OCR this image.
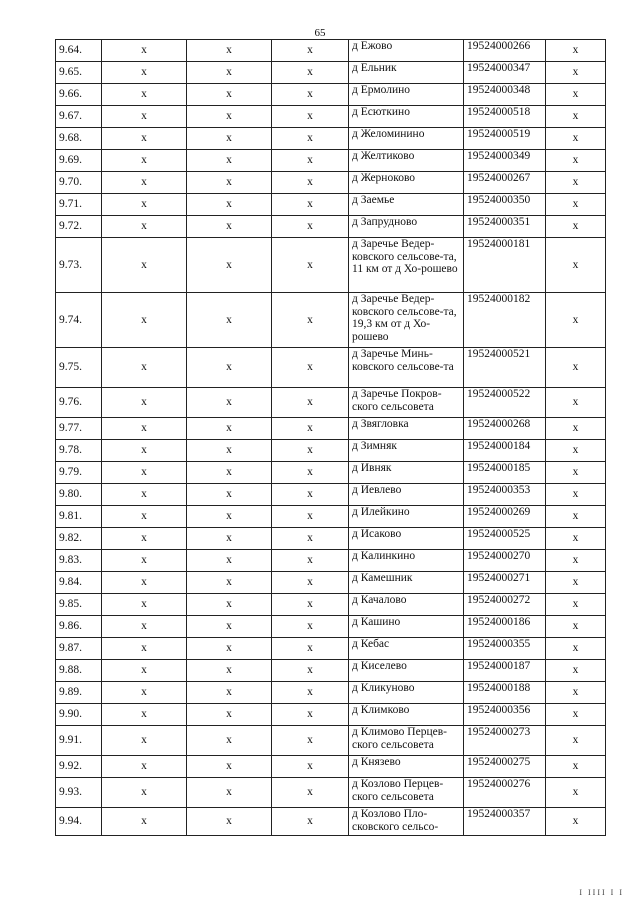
65
9.64.	x	x	x	д Ежово	19524000266	x
9.65.	x	x	x	д Ельник	19524000347	x
9.66.	x	x	x	д Ермолино	19524000348	x
9.67.	x	x	x	д Есюткино	19524000518	x
9.68.	x	x	x	д Желоминино	19524000519	x
9.69.	x	x	x	д Желтиково	19524000349	x
9.70.	x	x	x	д Жерноково	19524000267	x
9.71.	x	x	x	д Заемье	19524000350	x
9.72.	x	x	x	д Запруднoво	19524000351	x
9.73.	x	x	x	д Заречье Ведер-ковского сельсове-та, 11 км от д Хо-рошево	19524000181	x
9.74.	x	x	x	д Заречье Ведер-ковского сельсове-та, 19,3 км от д Хо-рошево	19524000182	x
9.75.	x	x	x	д Заречье Минь-ковского сельсове-та	19524000521	x
9.76.	x	x	x	д Заречье Покров-ского сельсовета	19524000522	x
9.77.	x	x	x	д Звягловка	19524000268	x
9.78.	x	x	x	д Зимняк	19524000184	x
9.79.	x	x	x	д Ивняк	19524000185	x
9.80.	x	x	x	д Иевлево	19524000353	x
9.81.	x	x	x	д Илейкино	19524000269	x
9.82.	x	x	x	д Исаково	19524000525	x
9.83.	x	x	x	д Калинкино	19524000270	x
9.84.	x	x	x	д Камешник	19524000271	x
9.85.	x	x	x	д Качалово	19524000272	x
9.86.	x	x	x	д Кашино	19524000186	x
9.87.	x	x	x	д Кебас	19524000355	x
9.88.	x	x	x	д Киселево	19524000187	x
9.89.	x	x	x	д Кликуново	19524000188	x
9.90.	x	x	x	д Климково	19524000356	x
9.91.	x	x	x	д Климово Перцев-ского сельсовета	19524000273	x
9.92.	x	x	x	д Князево	19524000275	x
9.93.	x	x	x	д Козлово Перцев-ского сельсовета	19524000276	x
9.94.	x	x	x	д Козлово Пло-сковского сельсо-	19524000357	x
I IIII I I
